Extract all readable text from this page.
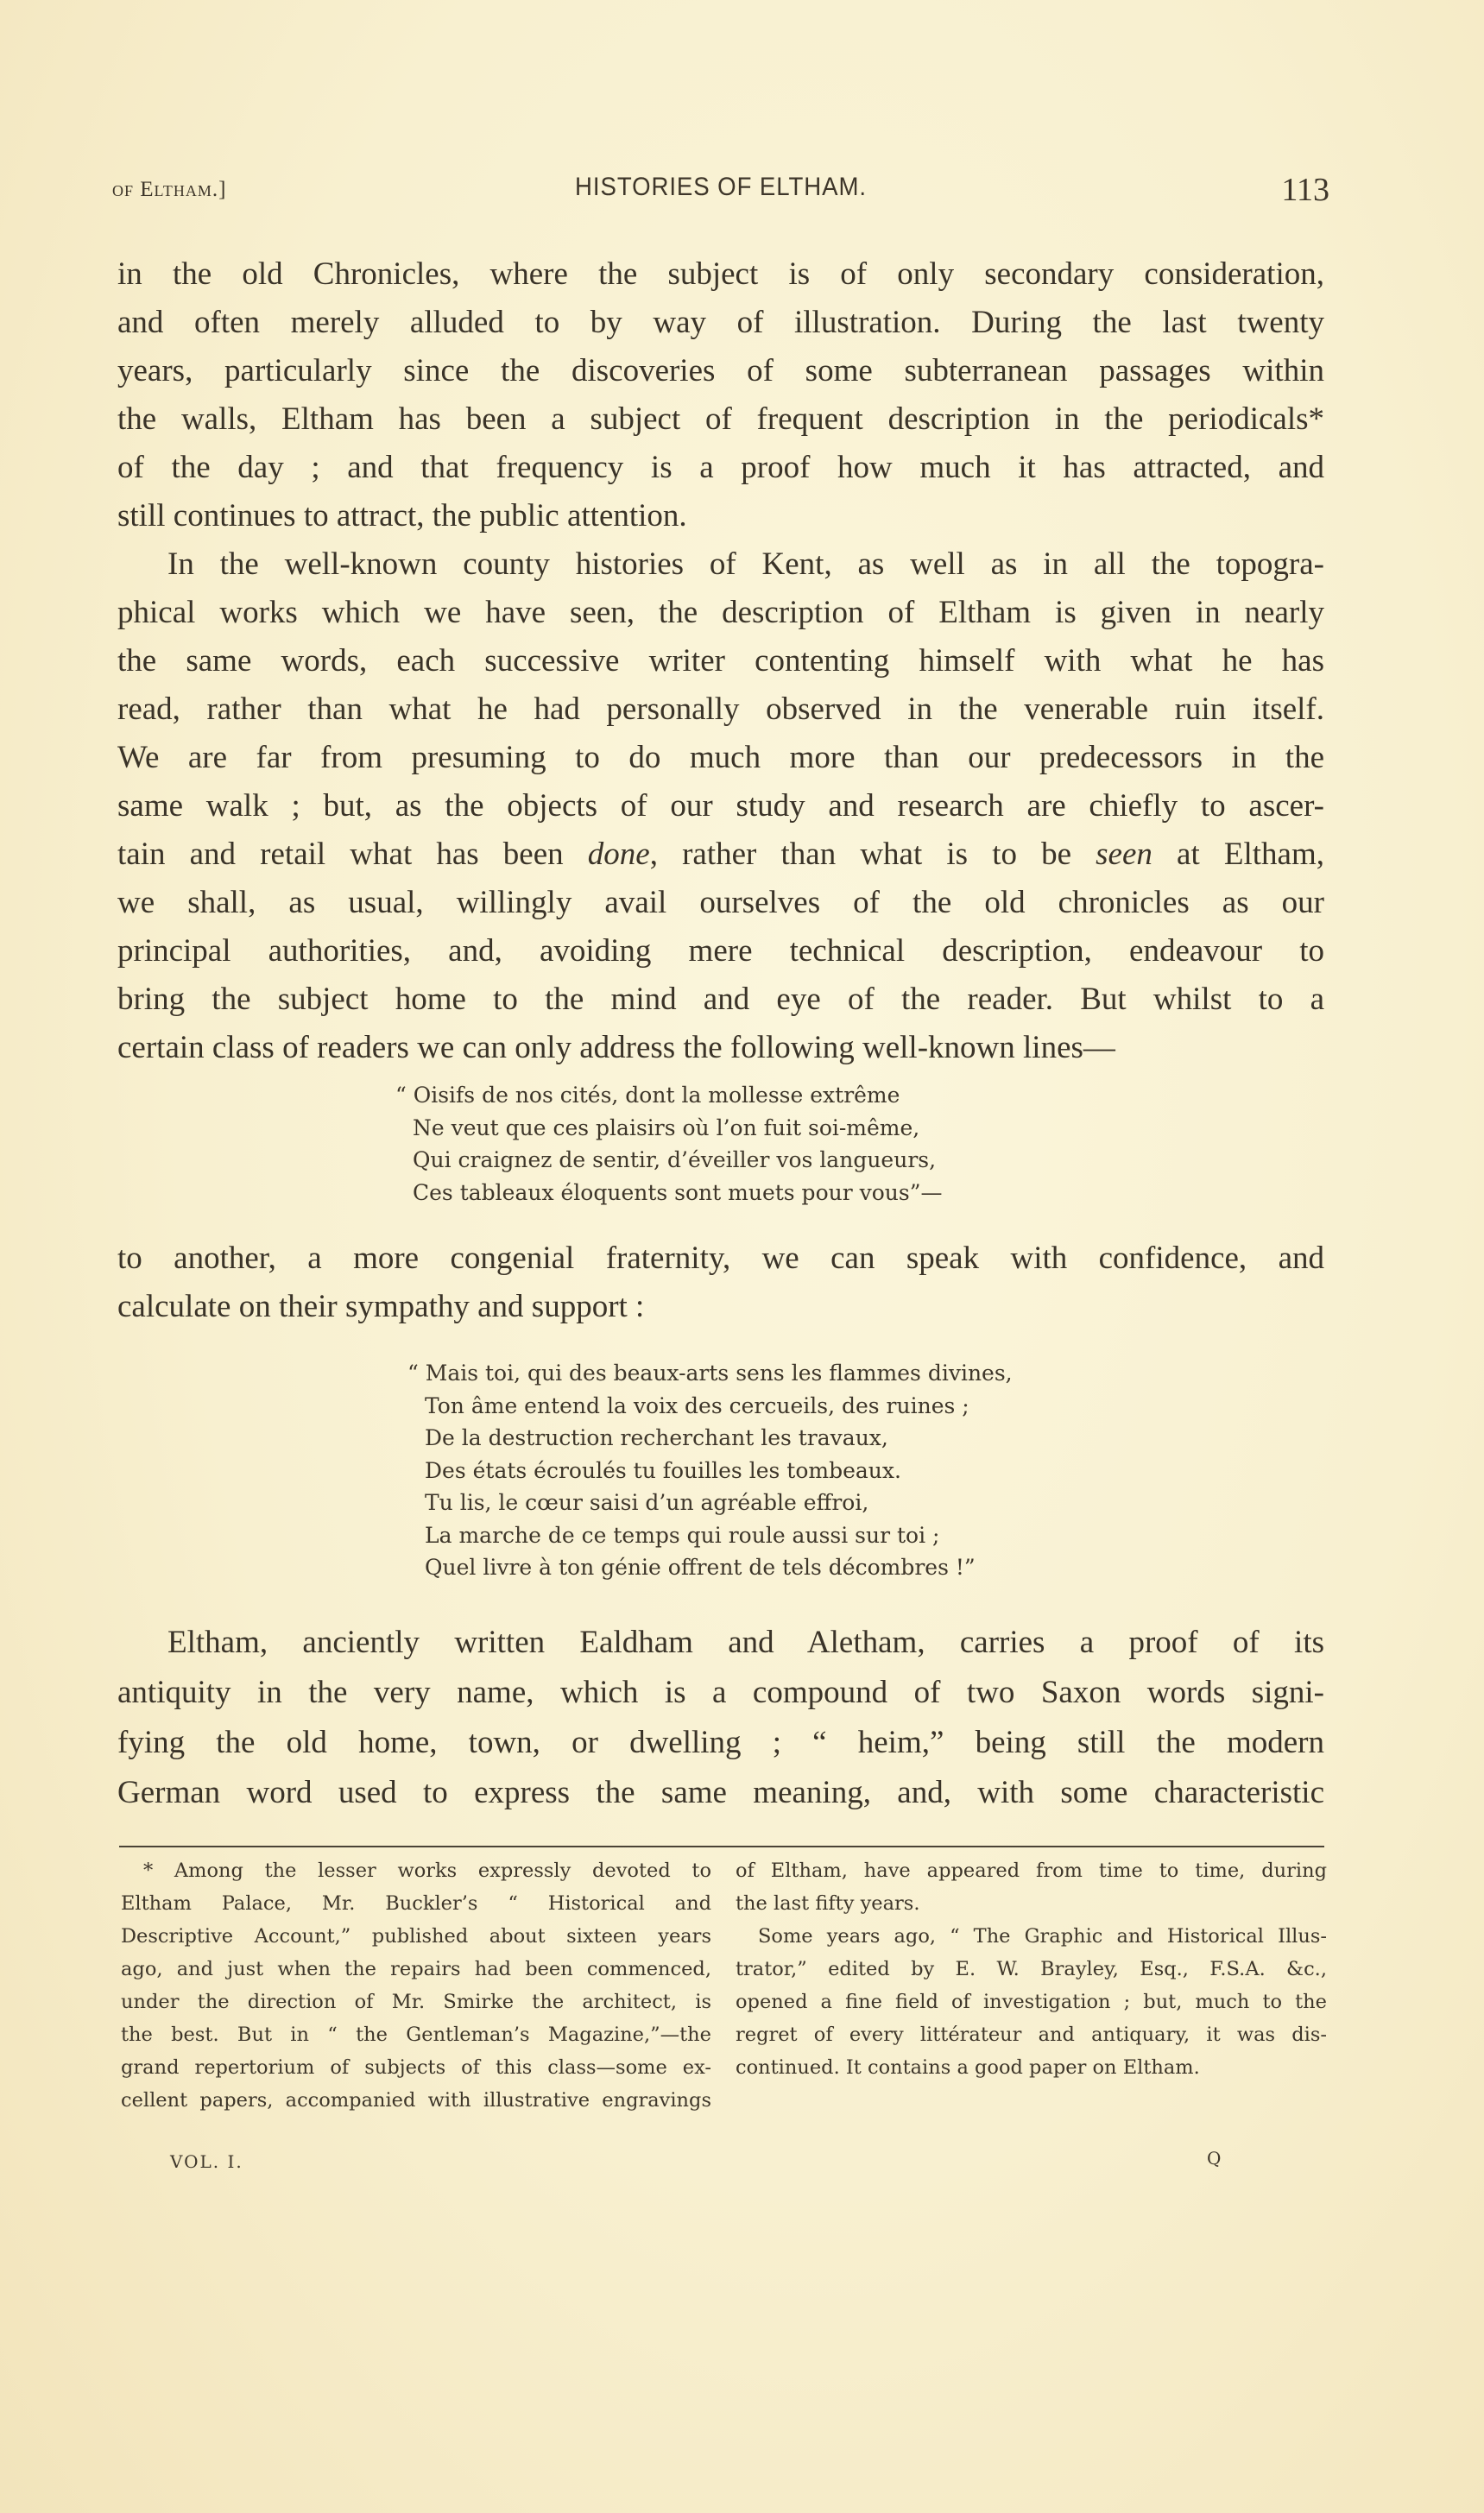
of Eltham.]	HISTORIES OF ELTHAM.	113
in the old Chronicles, where the subject is of only secondary consideration,
and often merely alluded to by way of illustration. During the last twenty
years, particularly since the discoveries of some subterranean passages within
the walls, Eltham has been a subject of frequent description in the periodicals*
of the day ; and that frequency is a proof how much it has attracted, and
still continues to attract, the public attention.
In the well-known county histories of Kent, as well as in all the topogra-
phical works which we have seen, the description of Eltham is given in nearly
the same words, each successive writer contenting himself with what he has
read, rather than what he had personally observed in the venerable ruin itself.
We are far from presuming to do much more than our predecessors in the
same walk ; but, as the objects of our study and research are chiefly to ascer-
tain and retail what has been done, rather than what is to be seen at Eltham,
we shall, as usual, willingly avail ourselves of the old chronicles as our
principal authorities, and, avoiding mere technical description, endeavour to
bring the subject home to the mind and eye of the reader. But whilst to a
certain class of readers we can only address the following well-known lines—
“ Oisifs de nos cités, dont la mollesse extrême
Ne veut que ces plaisirs où l’on fuit soi-même,
Qui craignez de sentir, d’éveiller vos langueurs,
Ces tableaux éloquents sont muets pour vous”—
to another, a more congenial fraternity, we can speak with confidence, and
calculate on their sympathy and support :
“ Mais toi, qui des beaux-arts sens les flammes divines,
Ton âme entend la voix des cercueils, des ruines ;
De la destruction recherchant les travaux,
Des états écroulés tu fouilles les tombeaux.
Tu lis, le cœur saisi d’un agréable effroi,
La marche de ce temps qui roule aussi sur toi ;
Quel livre à ton génie offrent de tels décombres !”
Eltham, anciently written Ealdham and Aletham, carries a proof of its
antiquity in the very name, which is a compound of two Saxon words signi-
fying the old home, town, or dwelling ; “ heim,” being still the modern
German word used to express the same meaning, and, with some characteristic
* Among the lesser works expressly devoted to
Eltham Palace, Mr. Buckler’s “ Historical and
Descriptive Account,” published about sixteen years
ago, and just when the repairs had been commenced,
under the direction of Mr. Smirke the architect, is
the best. But in “ the Gentleman’s Magazine,”—the
grand repertorium of subjects of this class—some ex-
cellent papers, accompanied with illustrative engravings
of Eltham, have appeared from time to time, during
the last fifty years.
Some years ago, “ The Graphic and Historical Illus-
trator,” edited by E. W. Brayley, Esq., F.S.A. &c.,
opened a fine field of investigation ; but, much to the
regret of every littérateur and antiquary, it was dis-
continued. It contains a good paper on Eltham.
VOL. I.	Q
